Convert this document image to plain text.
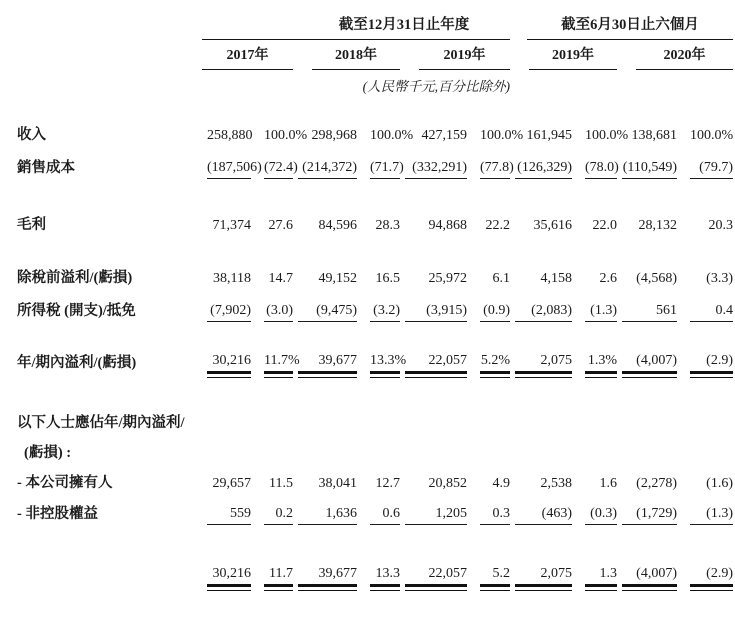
	截至12月31日止年度						截至6月30日止六個月			

	2017年		2018年		2019年		2019年		2020年	

(人民幣千元,百分比除外)										
收入	258,880	100.0%	298,968	100.0%	427,159	100.0%	161,945	100.0%	138,681	100.0%

銷售成本	(187,506)	(72.4)	(214,372)	(71.7)	(332,291)	(77.8)	(126,329)	(78.0)	(110,549)	(79.7)

毛利	71,374	27.6	84,596	28.3	94,868	22.2	35,616	22.0	28,132	20.3

除稅前溢利/(虧損)	38,118	14.7	49,152	16.5	25,972	6.1	4,158	2.6	(4,568)	(3.3)

所得稅 (開支)/抵免	(7,902)	(3.0)	(9,475)	(3.2)	(3,915)	(0.9)	(2,083)	(1.3)	561	0.4

年/期內溢利/(虧損)	30,216	11.7%	39,677	13.3%	22,057	5.2%	2,075	1.3%	(4,007)	(2.9)

以下人士應佔年/期內溢利/	

(虧損) :	

- 本公司擁有人	29,657	11.5	38,041	12.7	20,852	4.9	2,538	1.6	(2,278)	(1.6)

- 非控股權益	559	0.2	1,636	0.6	1,205	0.3	(463)	(0.3)	(1,729)	(1.3)

	30,216	11.7	39,677	13.3	22,057	5.2	2,075	1.3	(4,007)	(2.9)
